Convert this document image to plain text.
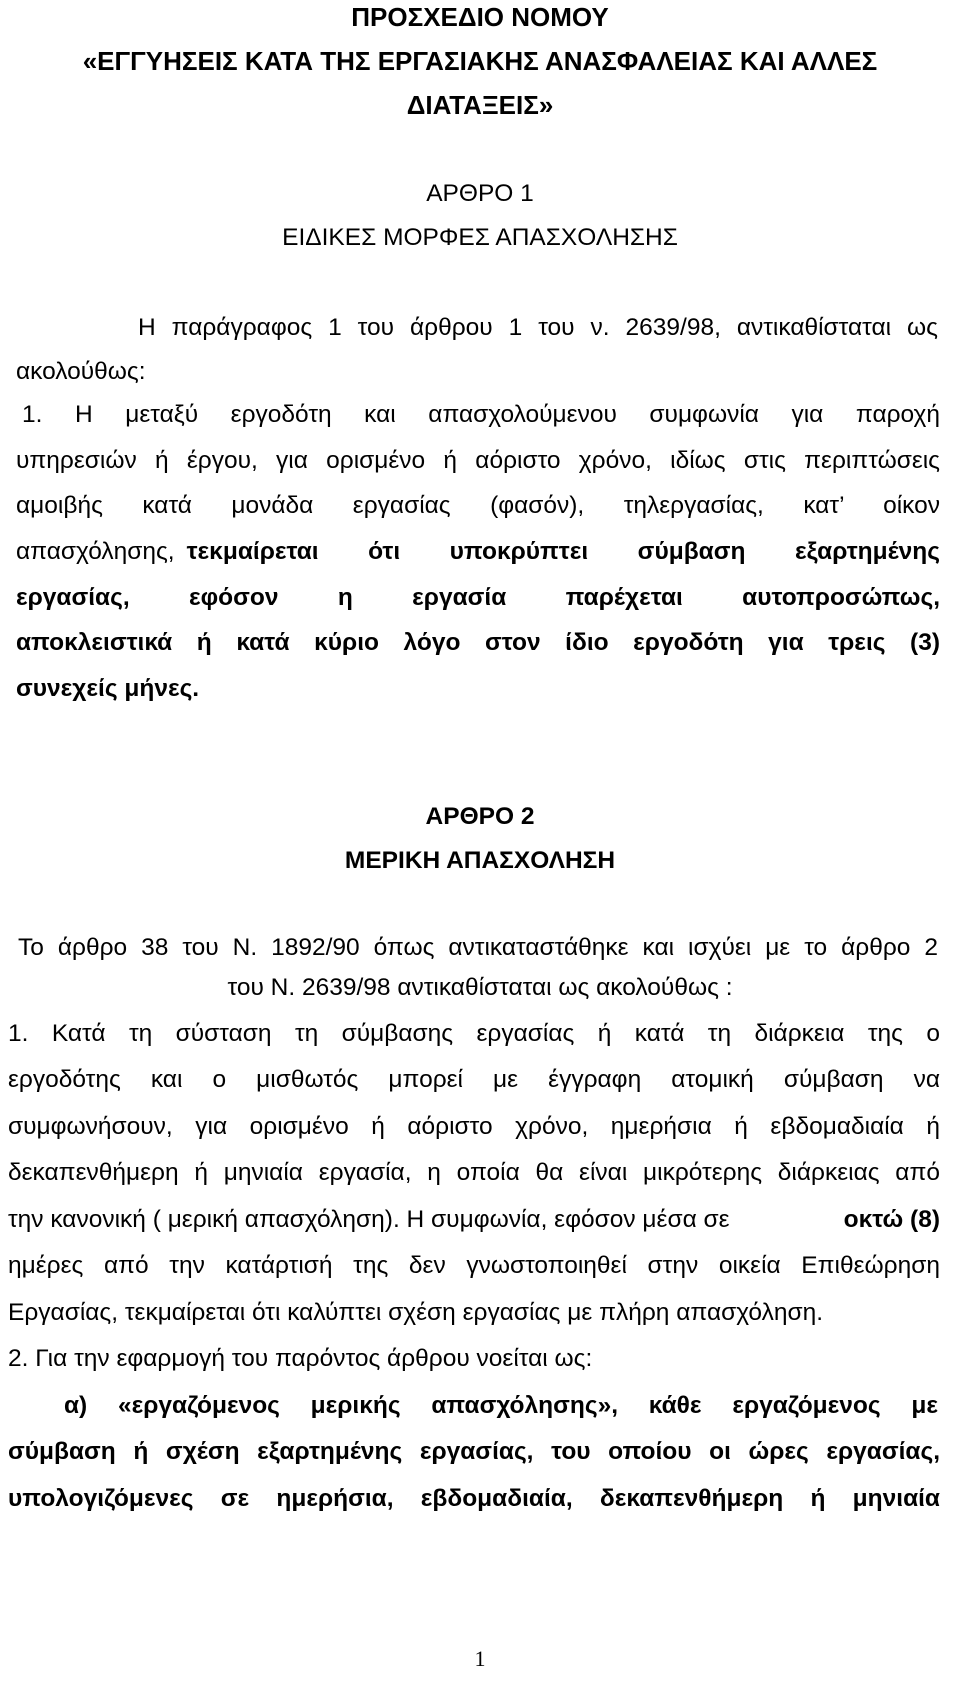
ΠΡΟΣΧΕΔΙΟ ΝΟΜΟΥ
«ΕΓΓΥΗΣΕΙΣ ΚΑΤΑ ΤΗΣ ΕΡΓΑΣΙΑΚΗΣ ΑΝΑΣΦΑΛΕΙΑΣ ΚΑΙ ΑΛΛΕΣ
ΔΙΑΤΑΞΕΙΣ»
ΑΡΘΡΟ 1
ΕΙΔΙΚΕΣ ΜΟΡΦΕΣ ΑΠΑΣΧΟΛΗΣΗΣ
Η παράγραφος 1 του άρθρου 1 του ν. 2639/98, αντικαθίσταται ως
ακολούθως:
1. Η μεταξύ εργοδότη και απασχολούμενου συμφωνία για παροχή
υπηρεσιών ή έργου, για ορισμένο ή αόριστο χρόνο, ιδίως στις περιπτώσεις
αμοιβής κατά μονάδα εργασίας (φασόν), τηλεργασίας, κατ’ οίκον
απασχόλησης, τεκμαίρεται ότι υποκρύπτει σύμβαση εξαρτημένης
εργασίας, εφόσον η εργασία παρέχεται αυτοπροσώπως,
αποκλειστικά ή κατά κύριο λόγο στον ίδιο εργοδότη για τρεις (3)
συνεχείς μήνες.
ΑΡΘΡΟ 2
ΜΕΡΙΚΗ ΑΠΑΣΧΟΛΗΣΗ
Το άρθρο 38 του Ν. 1892/90 όπως αντικαταστάθηκε και ισχύει με το άρθρο 2
του Ν. 2639/98 αντικαθίσταται ως ακολούθως :
1. Κατά τη σύσταση τη σύμβασης εργασίας ή κατά τη διάρκεια της ο
εργοδότης και ο μισθωτός μπορεί με έγγραφη ατομική σύμβαση να
συμφωνήσουν, για ορισμένο ή αόριστο χρόνο, ημερήσια ή εβδομαδιαία ή
δεκαπενθήμερη ή μηνιαία εργασία, η οποία θα είναι μικρότερης διάρκειας από
την κανονική ( μερική απασχόληση). Η συμφωνία, εφόσον μέσα σε	οκτώ (8)
ημέρες από την κατάρτισή της δεν γνωστοποιηθεί στην οικεία Επιθεώρηση
Εργασίας, τεκμαίρεται ότι καλύπτει σχέση εργασίας με πλήρη απασχόληση.
2. Για την εφαρμογή του παρόντος άρθρου νοείται ως:
α) «εργαζόμενος μερικής απασχόλησης», κάθε εργαζόμενος με
σύμβαση ή σχέση εξαρτημένης εργασίας, του οποίου οι ώρες εργασίας,
υπολογιζόμενες σε ημερήσια, εβδομαδιαία, δεκαπενθήμερη ή μηνιαία
1
